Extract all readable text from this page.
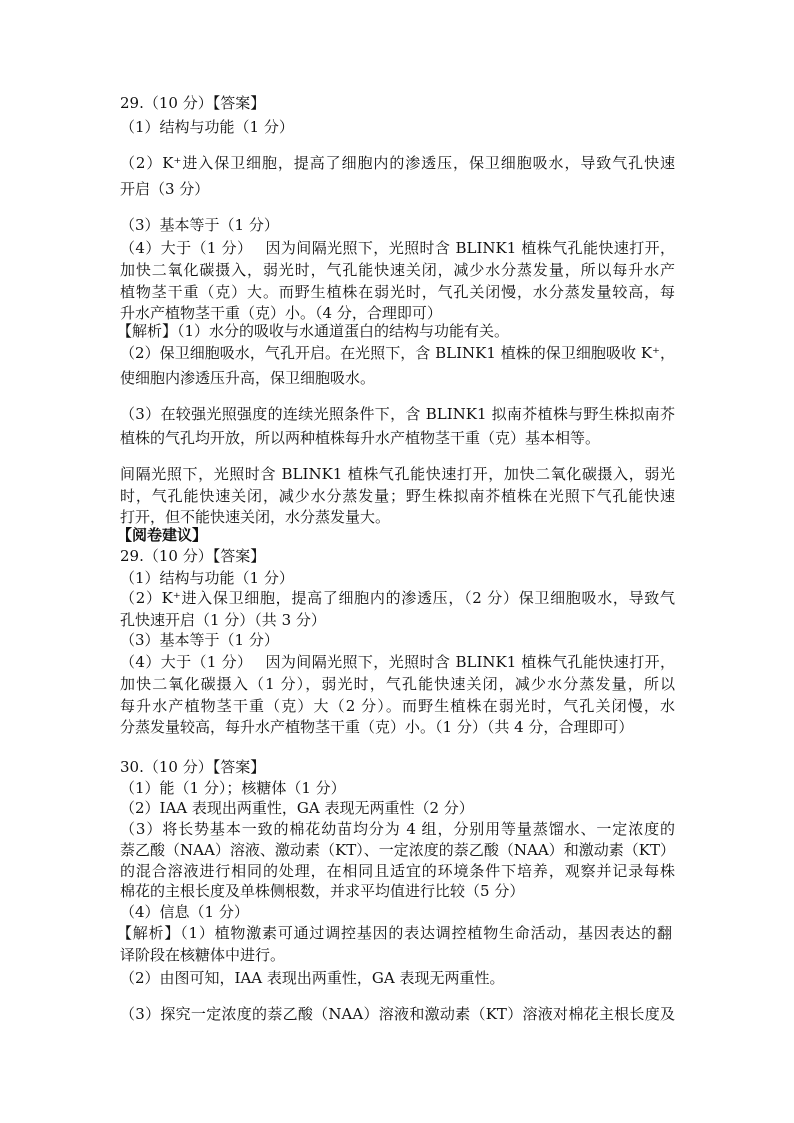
29.（10 分）【答案】
（1）结构与功能（1 分）
（2）K⁺进入保卫细胞，提高了细胞内的渗透压，保卫细胞吸水，导致气孔快速
开启（3 分）
（3）基本等于（1 分）
（4）大于（1 分）　 因为间隔光照下，光照时含 BLINK1 植株气孔能快速打开，
加快二氧化碳摄入，弱光时，气孔能快速关闭，减少水分蒸发量，所以每升水产
植物茎干重（克）大。而野生植株在弱光时，气孔关闭慢，水分蒸发量较高，每
升水产植物茎干重（克）小。（4 分，合理即可）
【解析】（1）水分的吸收与水通道蛋白的结构与功能有关。
（2）保卫细胞吸水，气孔开启。在光照下，含 BLINK1 植株的保卫细胞吸收 K⁺，
使细胞内渗透压升高，保卫细胞吸水。
（3）在较强光照强度的连续光照条件下，含 BLINK1 拟南芥植株与野生株拟南芥
植株的气孔均开放，所以两种植株每升水产植物茎干重（克）基本相等。
间隔光照下，光照时含 BLINK1 植株气孔能快速打开，加快二氧化碳摄入，弱光
时，气孔能快速关闭，减少水分蒸发量；野生株拟南芥植株在光照下气孔能快速
打开，但不能快速关闭，水分蒸发量大。
【阅卷建议】
29.（10 分）【答案】
（1）结构与功能（1 分）
（2）K⁺进入保卫细胞，提高了细胞内的渗透压，（2 分）保卫细胞吸水，导致气
孔快速开启（1 分）（共 3 分）
（3）基本等于（1 分）
（4）大于（1 分）　 因为间隔光照下，光照时含 BLINK1 植株气孔能快速打开，
加快二氧化碳摄入（1 分），弱光时，气孔能快速关闭，减少水分蒸发量，所以
每升水产植物茎干重（克）大（2 分）。而野生植株在弱光时，气孔关闭慢，水
分蒸发量较高，每升水产植物茎干重（克）小。（1 分）（共 4 分，合理即可）
30.（10 分）【答案】
（1）能（1 分）；核糖体（1 分）
（2）IAA 表现出两重性，GA 表现无两重性（2 分）
（3）将长势基本一致的棉花幼苗均分为 4 组，分别用等量蒸馏水、一定浓度的
萘乙酸（NAA）溶液、激动素（KT）、一定浓度的萘乙酸（NAA）和激动素（KT）
的混合溶液进行相同的处理，在相同且适宜的环境条件下培养，观察并记录每株
棉花的主根长度及单株侧根数，并求平均值进行比较（5 分）
（4）信息（1 分）
【解析】（1）植物激素可通过调控基因的表达调控植物生命活动，基因表达的翻
译阶段在核糖体中进行。
（2）由图可知，IAA 表现出两重性，GA 表现无两重性。
（3）探究一定浓度的萘乙酸（NAA）溶液和激动素（KT）溶液对棉花主根长度及
